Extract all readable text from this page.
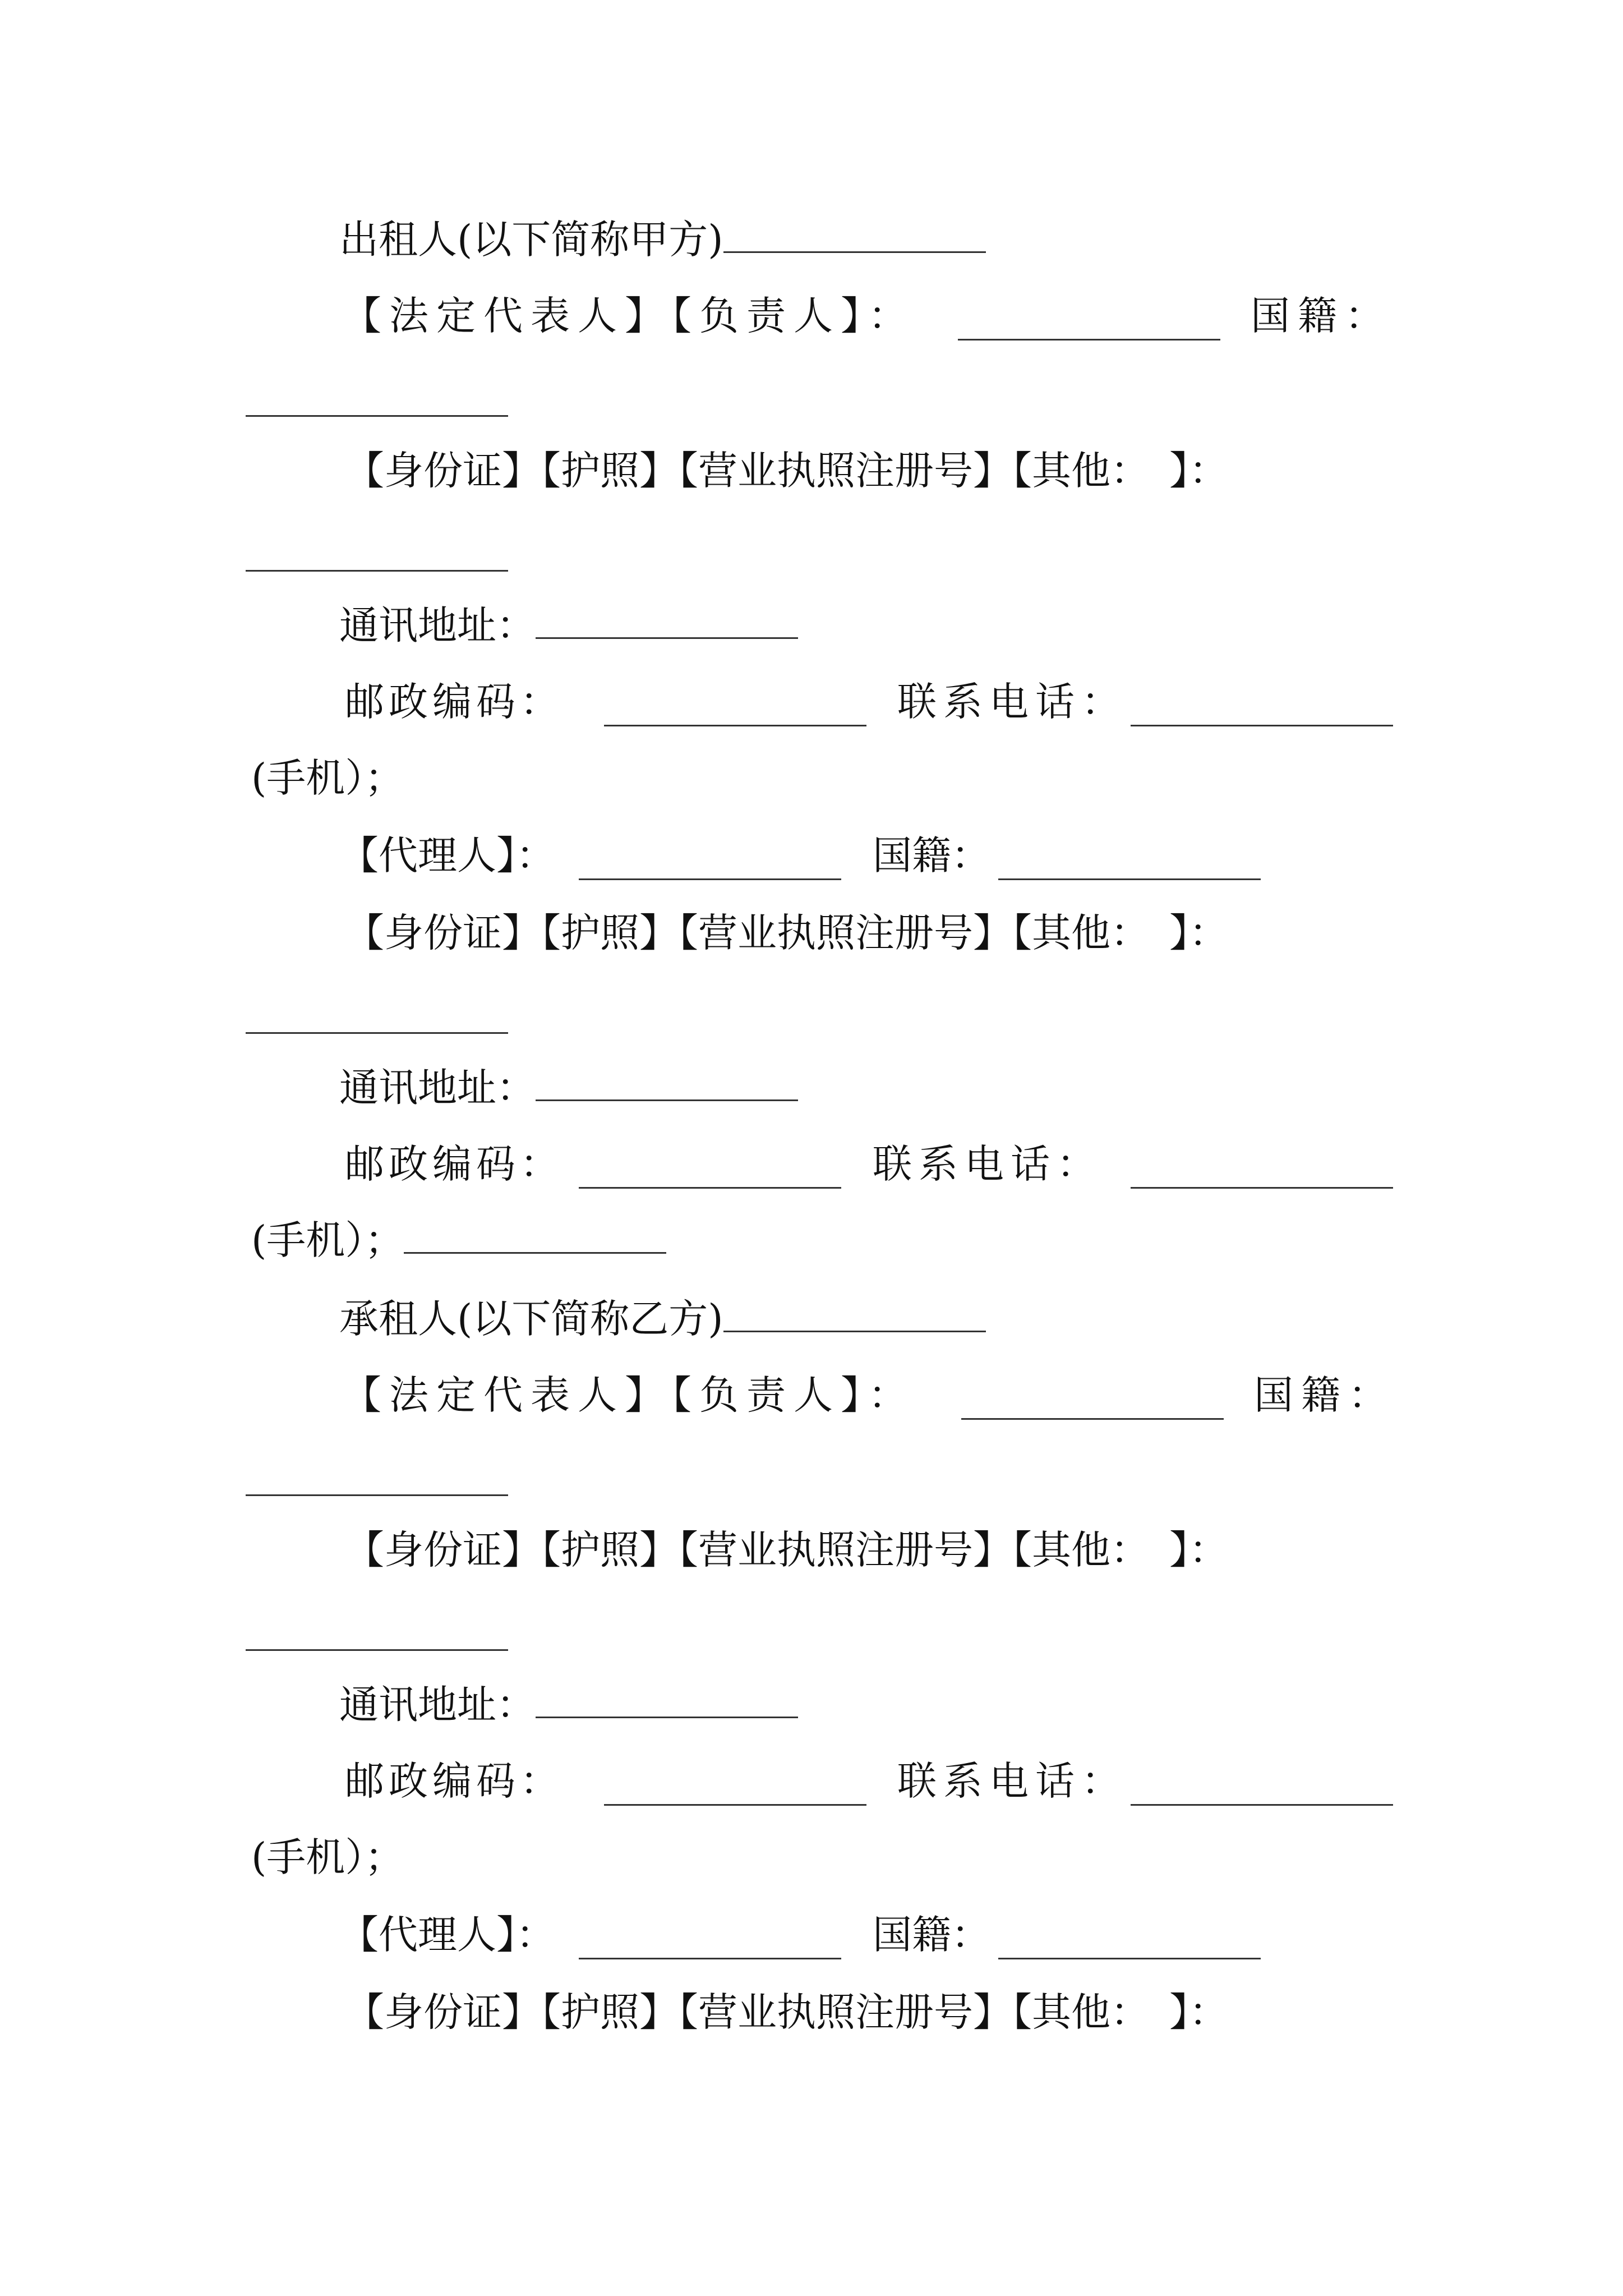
出租人(以下简称甲方)
【法定代表人】【负责人】：	国籍：
【身份证】【护照】【营业执照注册号】【其他：　】：
通讯地址：
邮政编码：	联系电话：
(手机）；
【代理人】：	国籍：
【身份证】【护照】【营业执照注册号】【其他：　】：
通讯地址：
邮政编码：	联系电话：
(手机）；
承租人(以下简称乙方)
【法定代表人】【负责人】：	国籍：
【身份证】【护照】【营业执照注册号】【其他：　】：
通讯地址：
邮政编码：	联系电话：
(手机）；
【代理人】：	国籍：
【身份证】【护照】【营业执照注册号】【其他：　】：
